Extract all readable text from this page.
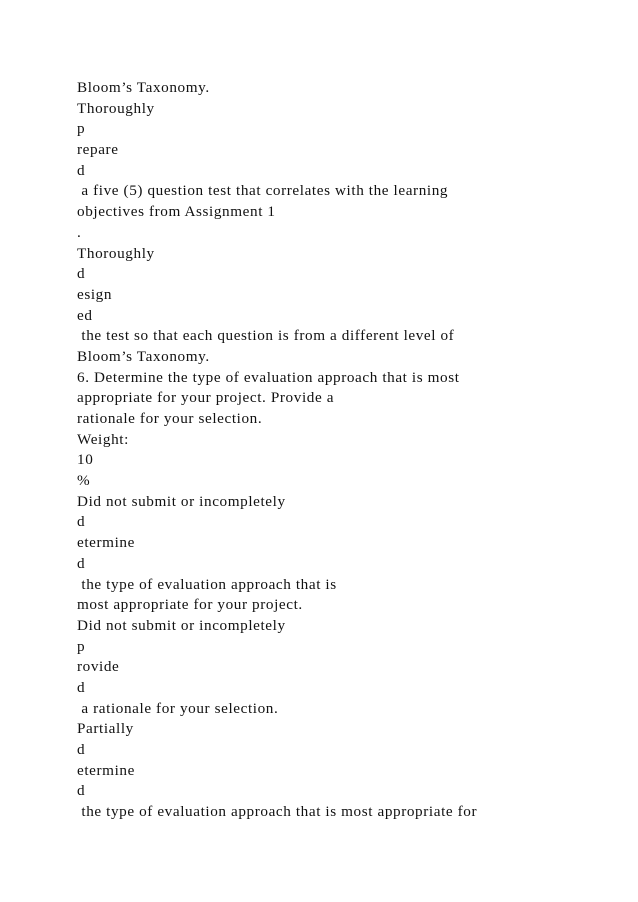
Bloom’s Taxonomy.
Thoroughly
p
repare
d
a five (5) question test that correlates with the learning
objectives from Assignment 1
.
Thoroughly
d
esign
ed
the test so that each question is from a different level of
Bloom’s Taxonomy.
6. Determine the type of evaluation approach that is most
appropriate for your project. Provide a
rationale for your selection.
Weight:
10
%
Did not submit or incompletely
d
etermine
d
the type of evaluation approach that is
most appropriate for your project.
Did not submit or incompletely
p
rovide
d
a rationale for your selection.
Partially
d
etermine
d
the type of evaluation approach that is most appropriate for
